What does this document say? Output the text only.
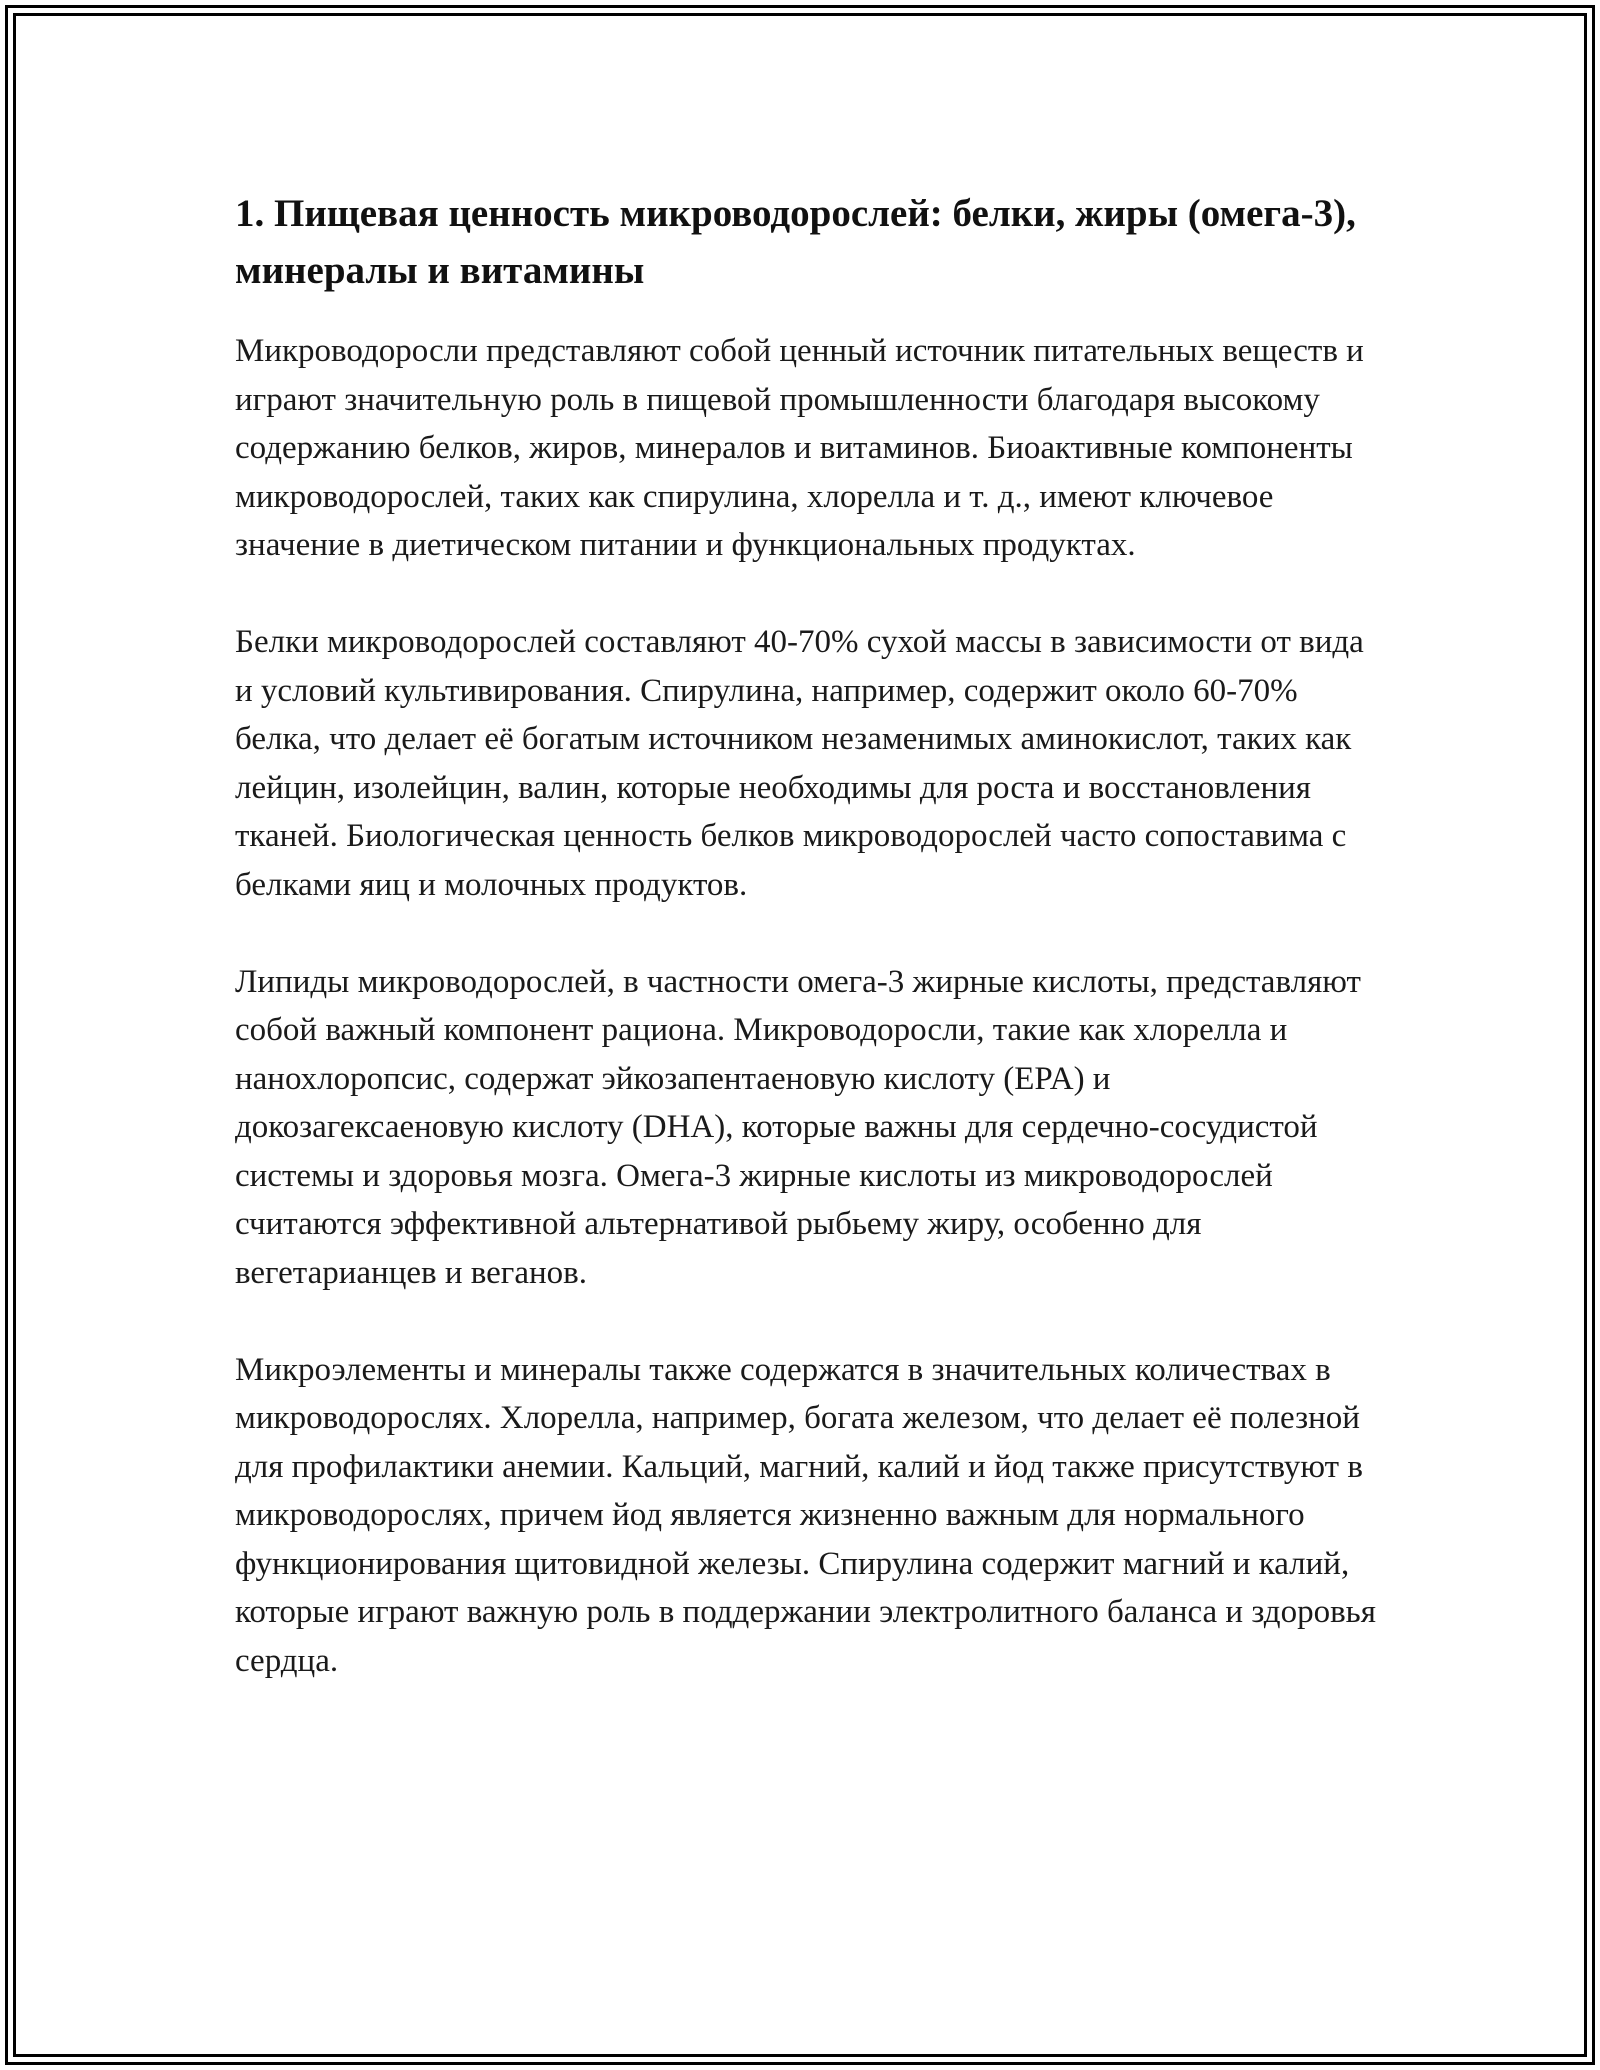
1. Пищевая ценность микроводорослей: белки, жиры (омега-3), минералы и витамины

Микроводоросли представляют собой ценный источник питательных веществ и играют значительную роль в пищевой промышленности благодаря высокому содержанию белков, жиров, минералов и витаминов. Биоактивные компоненты микроводорослей, таких как спирулина, хлорелла и т. д., имеют ключевое значение в диетическом питании и функциональных продуктах.

Белки микроводорослей составляют 40-70% сухой массы в зависимости от вида и условий культивирования. Спирулина, например, содержит около 60-70% белка, что делает её богатым источником незаменимых аминокислот, таких как лейцин, изолейцин, валин, которые необходимы для роста и восстановления тканей. Биологическая ценность белков микроводорослей часто сопоставима с белками яиц и молочных продуктов.

Липиды микроводорослей, в частности омега-3 жирные кислоты, представляют собой важный компонент рациона. Микроводоросли, такие как хлорелла и нанохлоропсис, содержат эйкозапентаеновую кислоту (EPA) и докозагексаеновую кислоту (DHA), которые важны для сердечно-сосудистой системы и здоровья мозга. Омега-3 жирные кислоты из микроводорослей считаются эффективной альтернативой рыбьему жиру, особенно для вегетарианцев и веганов.

Микроэлементы и минералы также содержатся в значительных количествах в микроводорослях. Хлорелла, например, богата железом, что делает её полезной для профилактики анемии. Кальций, магний, калий и йод также присутствуют в микроводорослях, причем йод является жизненно важным для нормального функционирования щитовидной железы. Спирулина содержит магний и калий, которые играют важную роль в поддержании электролитного баланса и здоровья сердца.
